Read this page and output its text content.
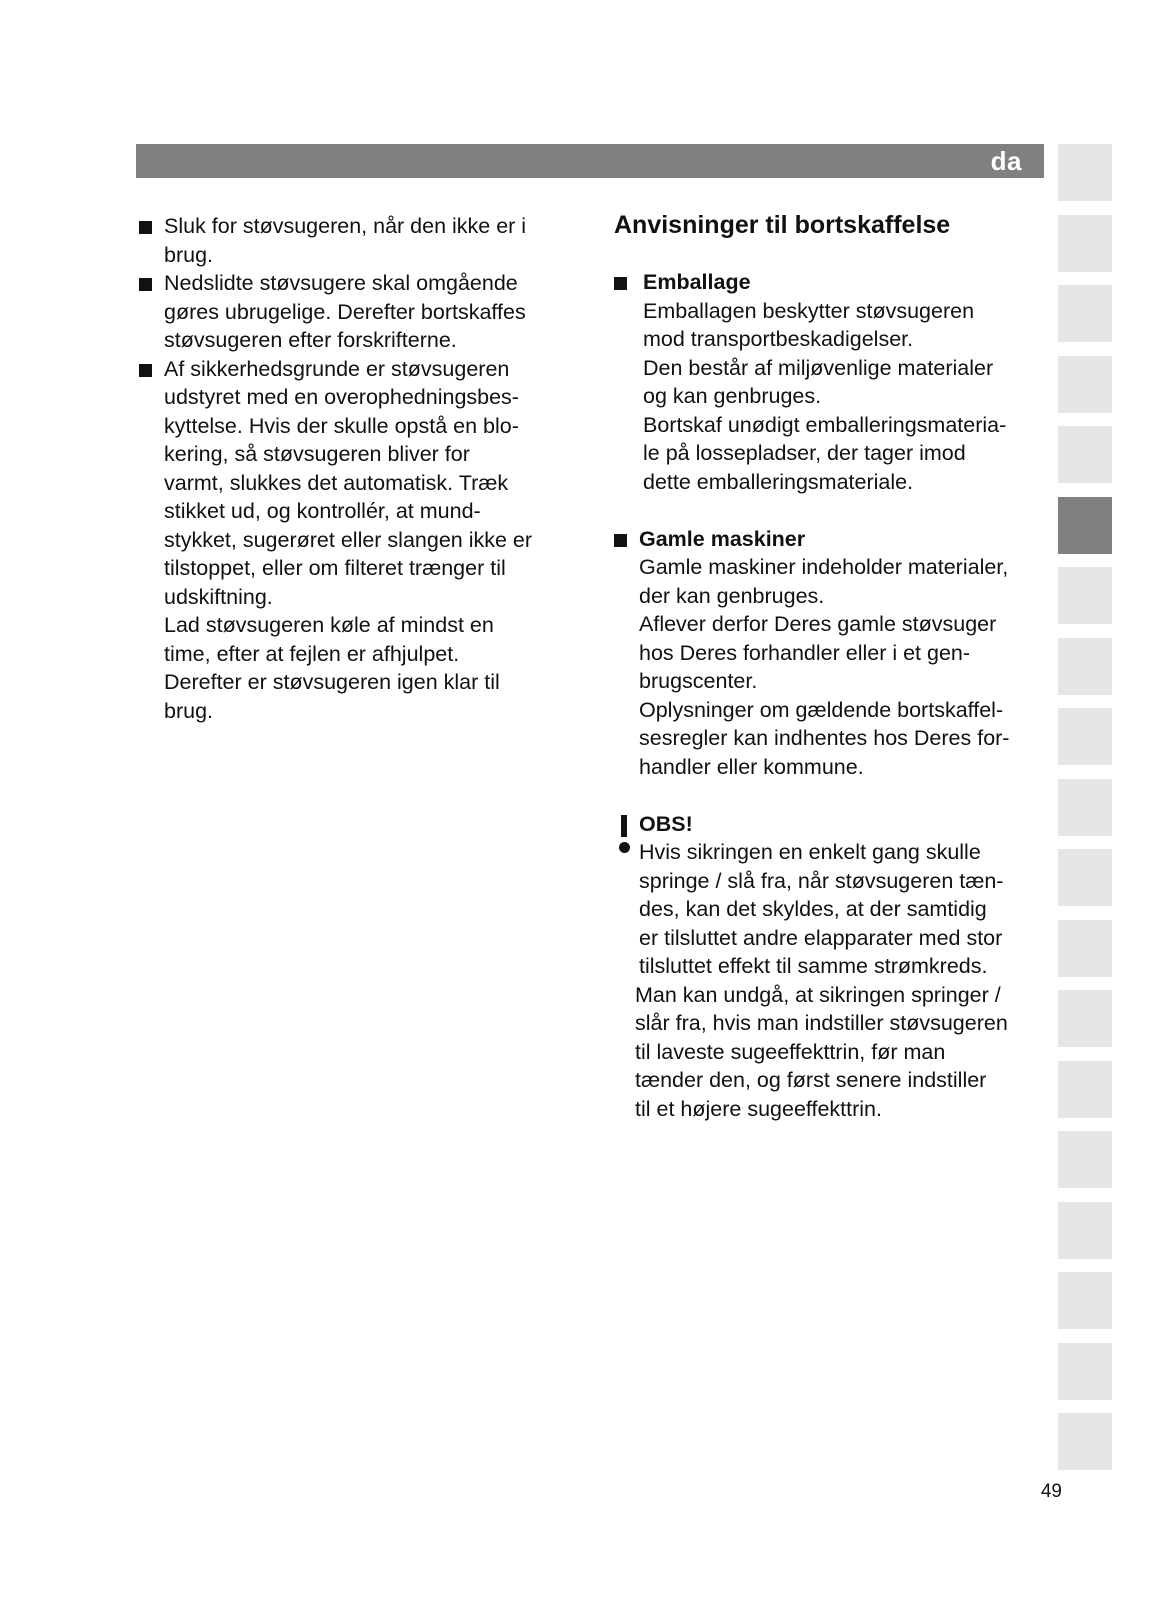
da
Sluk for støvsugeren, når den ikke er i
brug.
Nedslidte støvsugere skal omgående
gøres ubrugelige. Derefter bortskaffes
støvsugeren efter forskrifterne.
Af sikkerhedsgrunde er støvsugeren
udstyret med en overophedningsbes-
kyttelse. Hvis der skulle opstå en blo-
kering, så støvsugeren bliver for
varmt, slukkes det automatisk. Træk
stikket ud, og kontrollér, at mund-
stykket, sugerøret eller slangen ikke er
tilstoppet, eller om filteret trænger til
udskiftning.
Lad støvsugeren køle af mindst en
time, efter at fejlen er afhjulpet.
Derefter er støvsugeren igen klar til
brug.
Anvisninger til bortskaffelse
Emballage
Emballagen beskytter støvsugeren
mod transportbeskadigelser.
Den består af miljøvenlige materialer
og kan genbruges.
Bortskaf unødigt emballeringsmateria-
le på lossepladser, der tager imod
dette emballeringsmateriale.
Gamle maskiner
Gamle maskiner indeholder materialer,
der kan genbruges.
Aflever derfor Deres gamle støvsuger
hos Deres forhandler eller i et gen-
brugscenter.
Oplysninger om gældende bortskaffel-
sesregler kan indhentes hos Deres for-
handler eller kommune.
OBS!
Hvis sikringen en enkelt gang skulle
springe / slå fra, når støvsugeren tæn-
des, kan det skyldes, at der samtidig
er tilsluttet andre elapparater med stor
tilsluttet effekt til samme strømkreds.
Man kan undgå, at sikringen springer /
slår fra, hvis man indstiller støvsugeren
til laveste sugeeffekttrin, før man
tænder den, og først senere indstiller
til et højere sugeeffekttrin.
49
